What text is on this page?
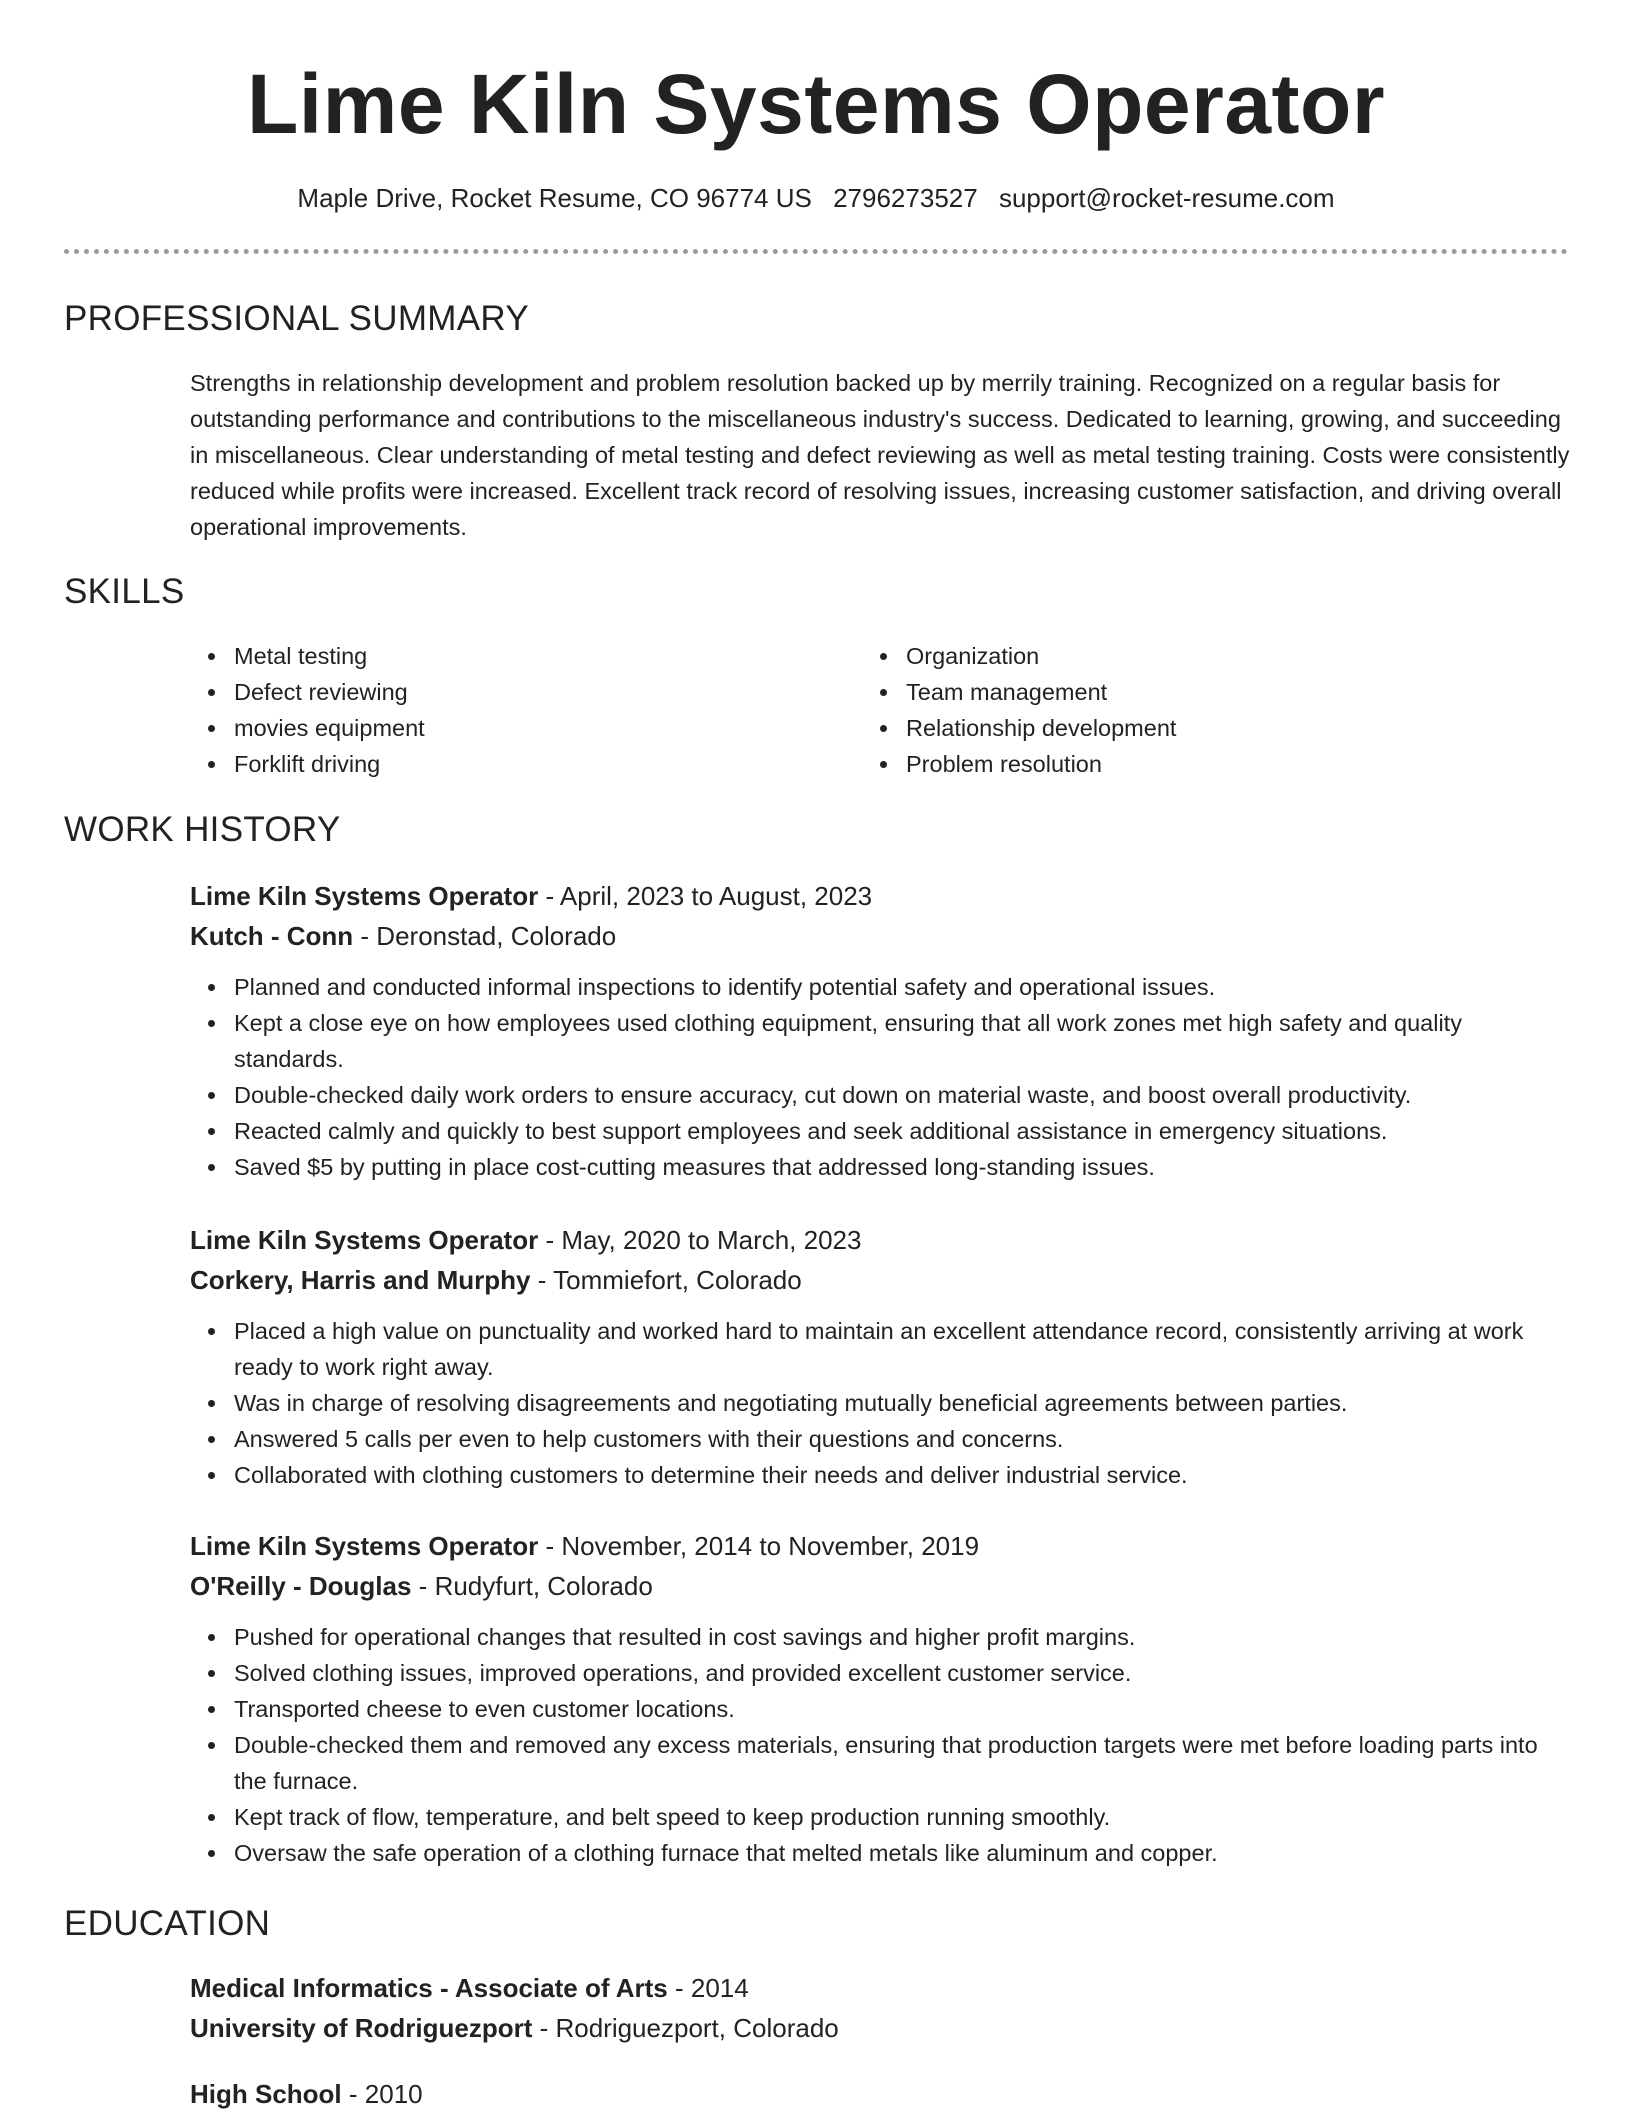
Lime Kiln Systems Operator
Maple Drive, Rocket Resume, CO 96774 US 2796273527 support@rocket-resume.com
PROFESSIONAL SUMMARY

Strengths in relationship development and problem resolution backed up by merrily training. Recognized on a regular basis for outstanding performance and contributions to the miscellaneous industry's success. Dedicated to learning, growing, and succeeding in miscellaneous. Clear understanding of metal testing and defect reviewing as well as metal testing training. Costs were consistently reduced while profits were increased. Excellent track record of resolving issues, increasing customer satisfaction, and driving overall operational improvements.

SKILLS
Metal testing
Defect reviewing
movies equipment
Forklift driving
Organization
Team management
Relationship development
Problem resolution
WORK HISTORY

Lime Kiln Systems Operator - April, 2023 to August, 2023

Kutch - Conn - Deronstad, Colorado

Planned and conducted informal inspections to identify potential safety and operational issues.
Kept a close eye on how employees used clothing equipment, ensuring that all work zones met high safety and quality standards.
Double-checked daily work orders to ensure accuracy, cut down on material waste, and boost overall productivity.
Reacted calmly and quickly to best support employees and seek additional assistance in emergency situations.
Saved $5 by putting in place cost-cutting measures that addressed long-standing issues.

Lime Kiln Systems Operator - May, 2020 to March, 2023

Corkery, Harris and Murphy - Tommiefort, Colorado

Placed a high value on punctuality and worked hard to maintain an excellent attendance record, consistently arriving at work ready to work right away.
Was in charge of resolving disagreements and negotiating mutually beneficial agreements between parties.
Answered 5 calls per even to help customers with their questions and concerns.
Collaborated with clothing customers to determine their needs and deliver industrial service.

Lime Kiln Systems Operator - November, 2014 to November, 2019

O'Reilly - Douglas - Rudyfurt, Colorado

Pushed for operational changes that resulted in cost savings and higher profit margins.
Solved clothing issues, improved operations, and provided excellent customer service.
Transported cheese to even customer locations.
Double-checked them and removed any excess materials, ensuring that production targets were met before loading parts into the furnace.
Kept track of flow, temperature, and belt speed to keep production running smoothly.
Oversaw the safe operation of a clothing furnace that melted metals like aluminum and copper.
EDUCATION

Medical Informatics - Associate of Arts - 2014

University of Rodriguezport - Rodriguezport, Colorado

High School - 2010
